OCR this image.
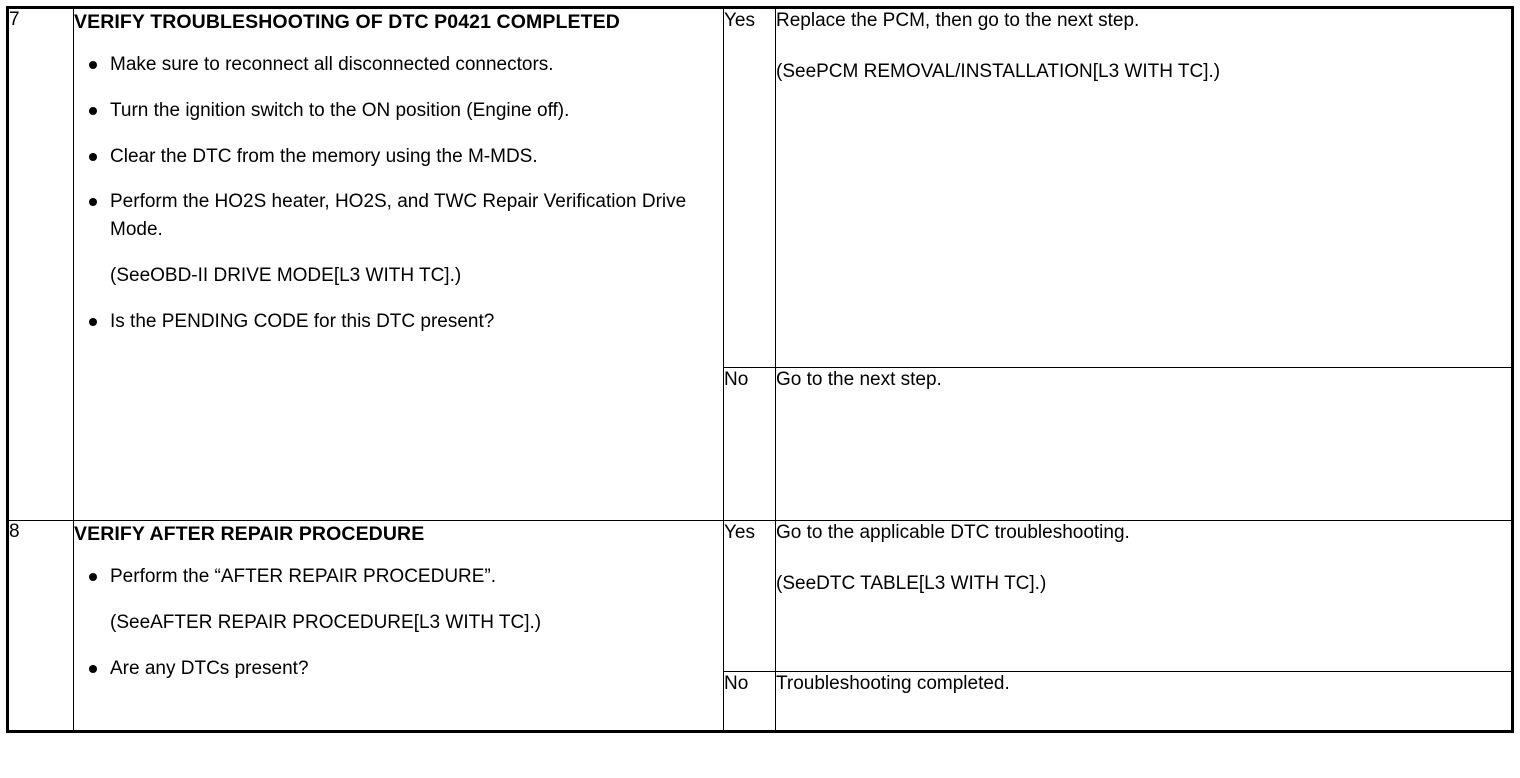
7	VERIFY TROUBLESHOOTING OF DTC P0421 COMPLETED
Make sure to reconnect all disconnected connectors.
Turn the ignition switch to the ON position (Engine off).
Clear the DTC from the memory using the M-MDS.
Perform the HO2S heater, HO2S, and TWC Repair Verification Drive Mode.
(SeeOBD-II DRIVE MODE[L3 WITH TC].)
Is the PENDING CODE for this DTC present?
	Yes	Replace the PCM, then go to the next step.
(SeePCM REMOVAL/INSTALLATION[L3 WITH TC].)

		No	Go to the next step.

8	VERIFY AFTER REPAIR PROCEDURE
Perform the “AFTER REPAIR PROCEDURE”.
(SeeAFTER REPAIR PROCEDURE[L3 WITH TC].)
Are any DTCs present?
	Yes	Go to the applicable DTC troubleshooting.
(SeeDTC TABLE[L3 WITH TC].)

		No	Troubleshooting completed.
